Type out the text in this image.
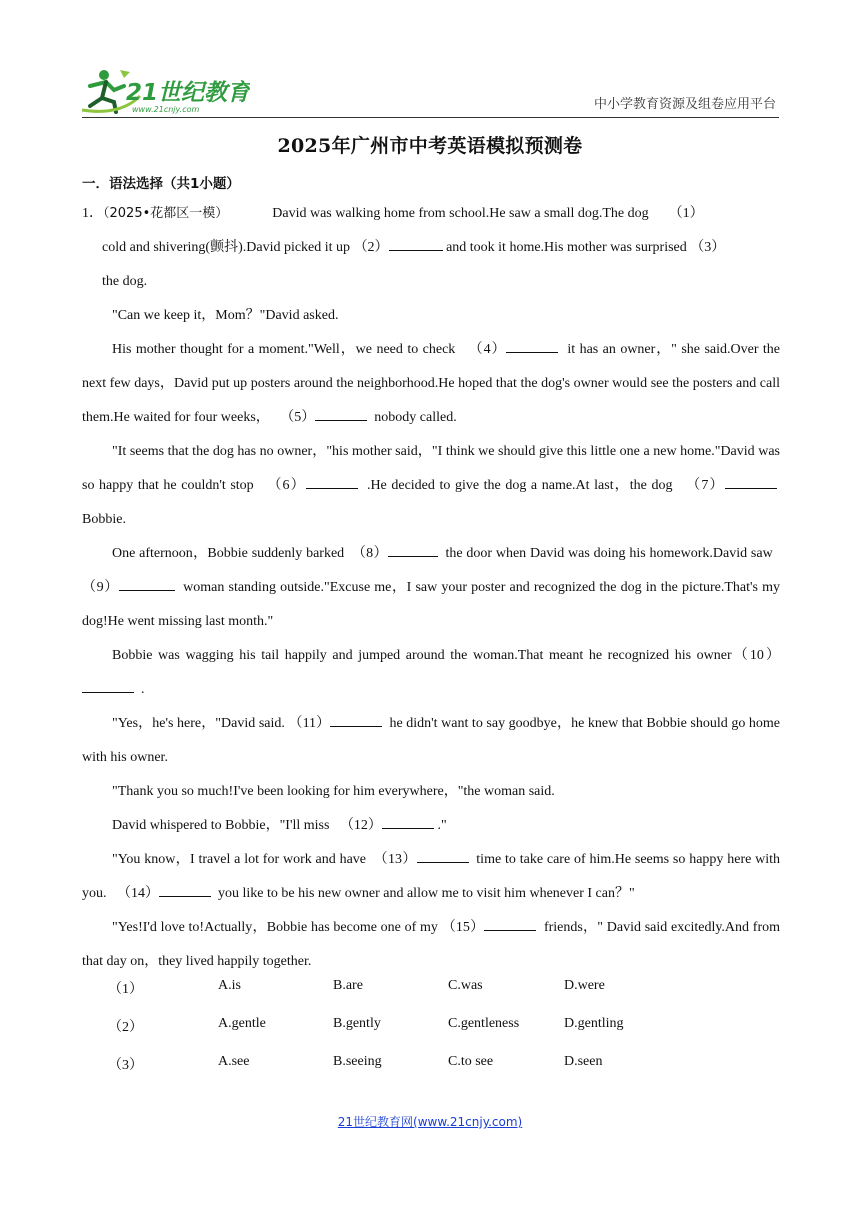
21世纪教育
www.21cnjy.com	中小学教育资源及组卷应用平台
2025年广州市中考英语模拟预测卷
一．语法选择（共1小题）
1．（2025•花都区一模）	David was walking home from school.He saw a small dog.The dog （1）
cold and shivering(颤抖).David picked it up （2）	and took it home.His mother was surprised （3）
the dog.

"Can we keep it，Mom？"David asked.

His mother thought for a moment."Well，we need to check （4）	it has an owner，" she said.Over the next few days，David put up posters around the neighborhood.He hoped that the dog's owner would see the posters and call them.He waited for four weeks， （5）	nobody called.

"It seems that the dog has no owner，"his mother said，"I think we should give this little one a new home."David was so happy that he couldn't stop （6）	.He decided to give the dog a name.At last，the dog （7）  Bobbie.

One afternoon，Bobbie suddenly barked （8）	the door when David was doing his homework.David saw   （9）	woman standing outside."Excuse me，I saw your poster and recognized the dog in the picture.That's my dog!He went missing last month."

Bobbie was wagging his tail happily and jumped around the woman.That meant he recognized his owner（10）  .

"Yes，he's here，"David said. （11）	he didn't want to say goodbye，he knew that Bobbie should go home with his owner.

"Thank you so much!I've been looking for him everywhere，"the woman said.

David whispered to Bobbie，"I'll miss （12）	."

"You know，I travel a lot for work and have （13）	time to take care of him.He seems so happy here with you. （14）	you like to be his new owner and allow me to visit him whenever I can？"

"Yes!I'd love to!Actually，Bobbie has become one of my （15）	friends，" David said excitedly.And from that day on，they lived happily together.

（1）	A.is	B.are	C.was	D.were
（2）	A.gentle	B.gently	C.gentleness	D.gentling
（3）	A.see	B.seeing	C.to see	D.seen
21世纪教育网(www.21cnjy.com)
